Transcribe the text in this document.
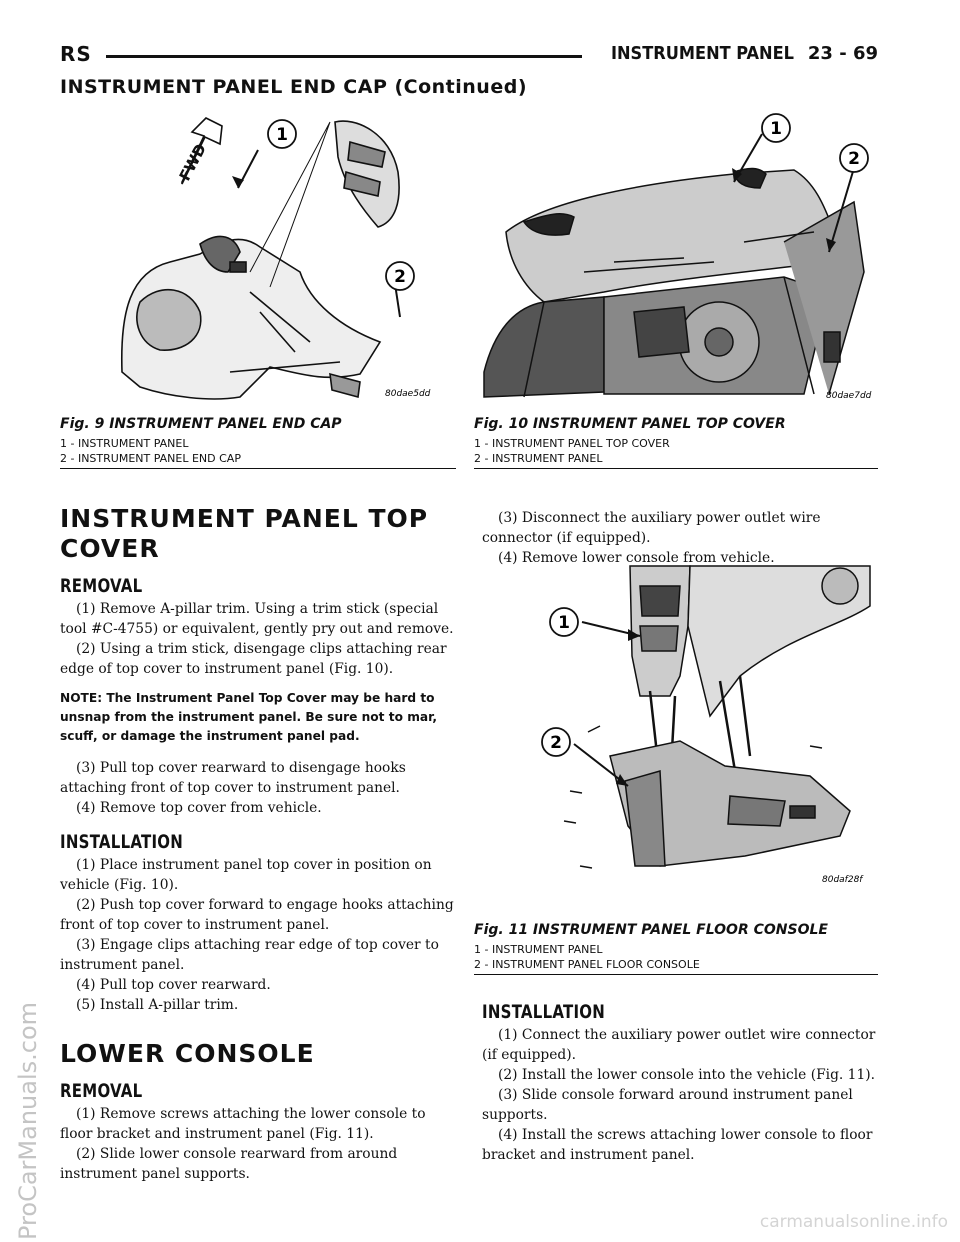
RS	INSTRUMENT PANEL 23 - 69
INSTRUMENT PANEL END CAP (Continued)
FWD
1
2
80dae5dd

Fig. 9 INSTRUMENT PANEL END CAP

1 - INSTRUMENT PANEL

2 - INSTRUMENT PANEL END CAP

1
2
80dae7dd

Fig. 10 INSTRUMENT PANEL TOP COVER

1 - INSTRUMENT PANEL TOP COVER

2 - INSTRUMENT PANEL

INSTRUMENT PANEL TOP COVER

REMOVAL

(1) Remove A-pillar trim. Using a trim stick (special tool #C-4755) or equivalent, gently pry out and remove.

(2) Using a trim stick, disengage clips attaching rear edge of top cover to instrument panel (Fig. 10).

NOTE: The Instrument Panel Top Cover may be hard to unsnap from the instrument panel. Be sure not to mar, scuff, or damage the instrument panel pad.

(3) Pull top cover rearward to disengage hooks attaching front of top cover to instrument panel.

(4) Remove top cover from vehicle.

INSTALLATION

(1) Place instrument panel top cover in position on vehicle (Fig. 10).

(2) Push top cover forward to engage hooks attaching front of top cover to instrument panel.

(3) Engage clips attaching rear edge of top cover to instrument panel.

(4) Pull top cover rearward.

(5) Install A-pillar trim.

LOWER CONSOLE

REMOVAL

(1) Remove screws attaching the lower console to floor bracket and instrument panel (Fig. 11).

(2) Slide lower console rearward from around instrument panel supports.

(3) Disconnect the auxiliary power outlet wire connector (if equipped).

(4) Remove lower console from vehicle.

1
2
80daf28f

Fig. 11 INSTRUMENT PANEL FLOOR CONSOLE

1 - INSTRUMENT PANEL

2 - INSTRUMENT PANEL FLOOR CONSOLE

INSTALLATION

(1) Connect the auxiliary power outlet wire connector (if equipped).

(2) Install the lower console into the vehicle (Fig. 11).

(3) Slide console forward around instrument panel supports.

(4) Install the screws attaching lower console to floor bracket and instrument panel.

ProCarManuals.com	carmanualsonline.info
